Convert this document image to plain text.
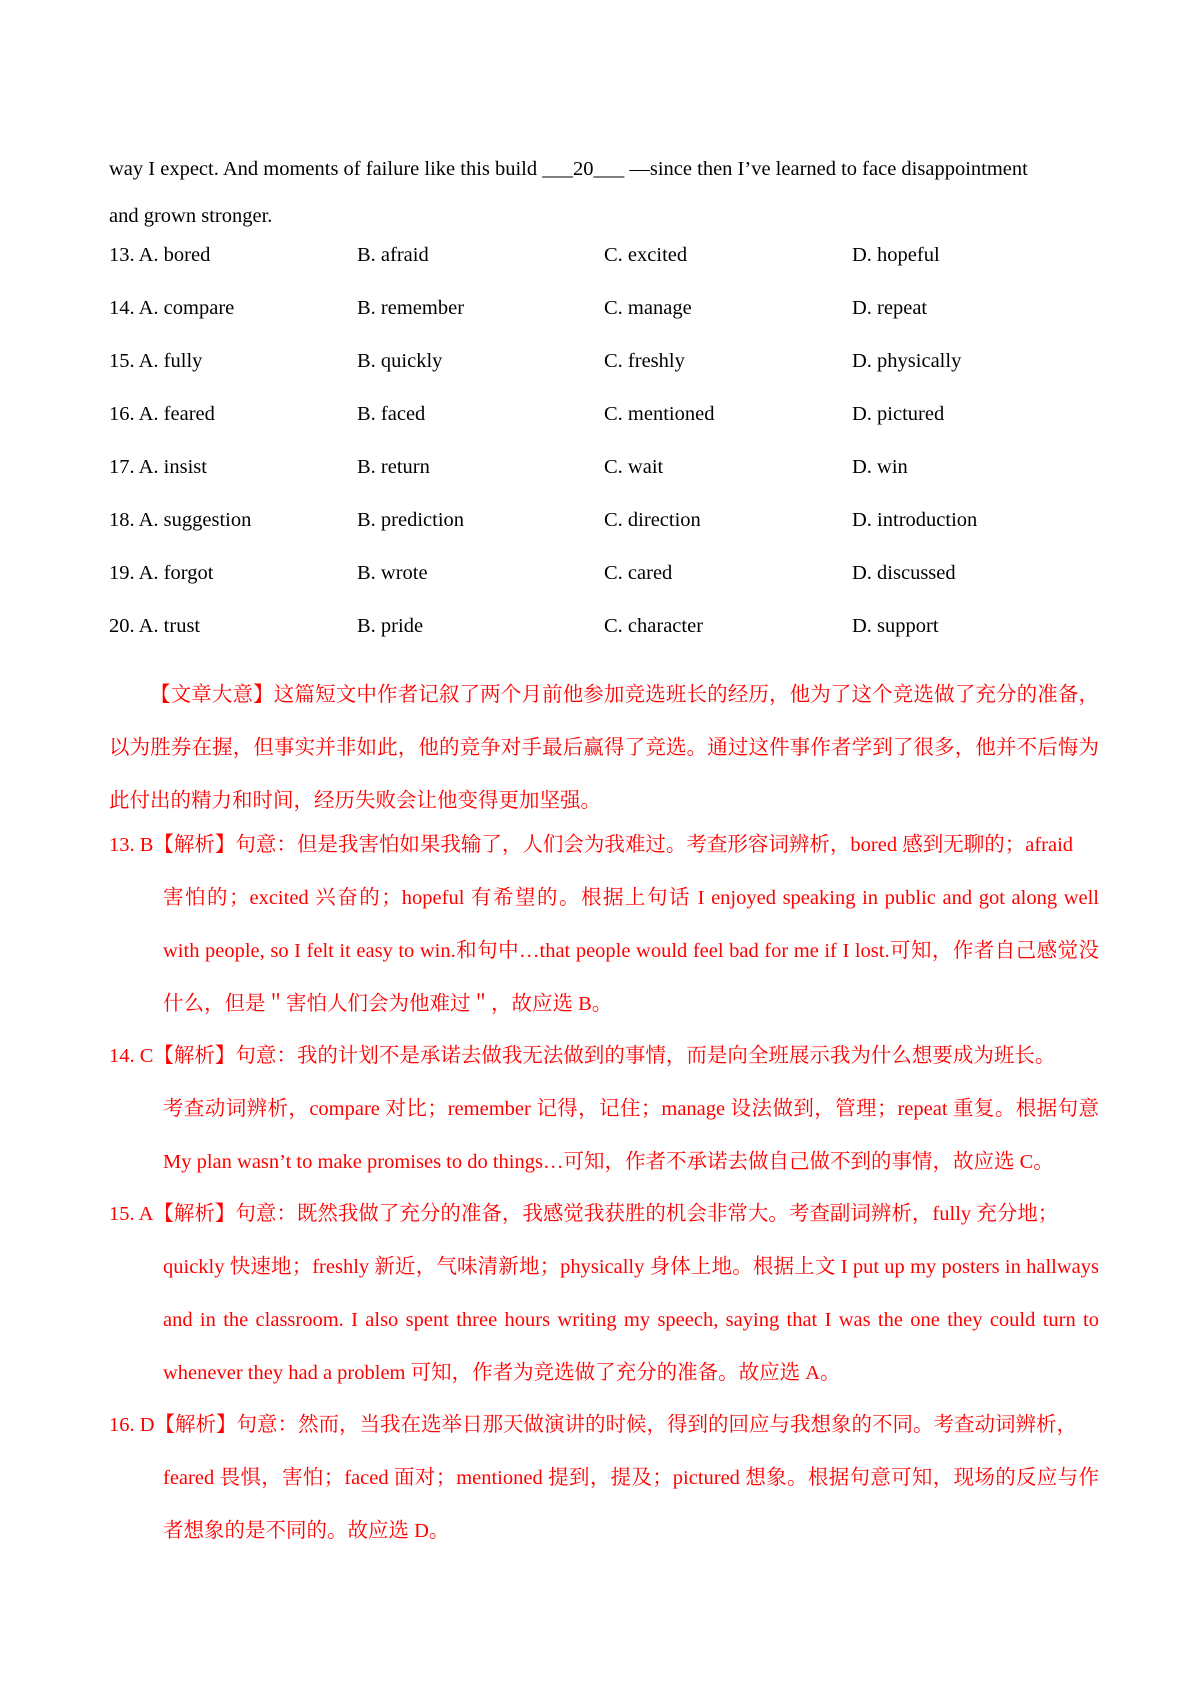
way I expect. And moments of failure like this build ___20___ —since then I’ve learned to face disappointment
and grown stronger.
13. A. bored	B. afraid	C. excited	D. hopeful
14. A. compare	B. remember	C. manage	D. repeat
15. A. fully	B. quickly	C. freshly	D. physically
16. A. feared	B. faced	C. mentioned	D. pictured
17. A. insist	B. return	C. wait	D. win
18. A. suggestion	B. prediction	C. direction	D. introduction
19. A. forgot	B. wrote	C. cared	D. discussed
20. A. trust	B. pride	C. character	D. support
【文章大意】这篇短文中作者记叙了两个月前他参加竞选班长的经历，他为了这个竞选做了充分的准备，以为胜券在握，但事实并非如此，他的竞争对手最后赢得了竞选。通过这件事作者学到了很多，他并不后悔为此付出的精力和时间，经历失败会让他变得更加坚强。
13. B【解析】句意：但是我害怕如果我输了，人们会为我难过。考查形容词辨析，bored 感到无聊的；afraid
害怕的；excited 兴奋的；hopeful 有希望的。根据上句话 I enjoyed speaking in public and got along well with people, so I felt it easy to win.和句中…that people would feel bad for me if I lost.可知，作者自己感觉没什么，但是＂害怕人们会为他难过＂，故应选 B。
14. C【解析】句意：我的计划不是承诺去做我无法做到的事情，而是向全班展示我为什么想要成为班长。
考查动词辨析，compare 对比；remember 记得，记住；manage 设法做到，管理；repeat 重复。根据句意 My plan wasn’t to make promises to do things…可知，作者不承诺去做自己做不到的事情，故应选 C。
15. A【解析】句意：既然我做了充分的准备，我感觉我获胜的机会非常大。考查副词辨析，fully 充分地；
quickly 快速地；freshly 新近，气味清新地；physically 身体上地。根据上文 I put up my posters in hallways and in the classroom. I also spent three hours writing my speech, saying that I was the one they could turn to whenever they had a problem 可知，作者为竞选做了充分的准备。故应选 A。
16. D【解析】句意：然而，当我在选举日那天做演讲的时候，得到的回应与我想象的不同。考查动词辨析，
feared 畏惧，害怕；faced 面对；mentioned 提到，提及；pictured 想象。根据句意可知，现场的反应与作者想象的是不同的。故应选 D。
